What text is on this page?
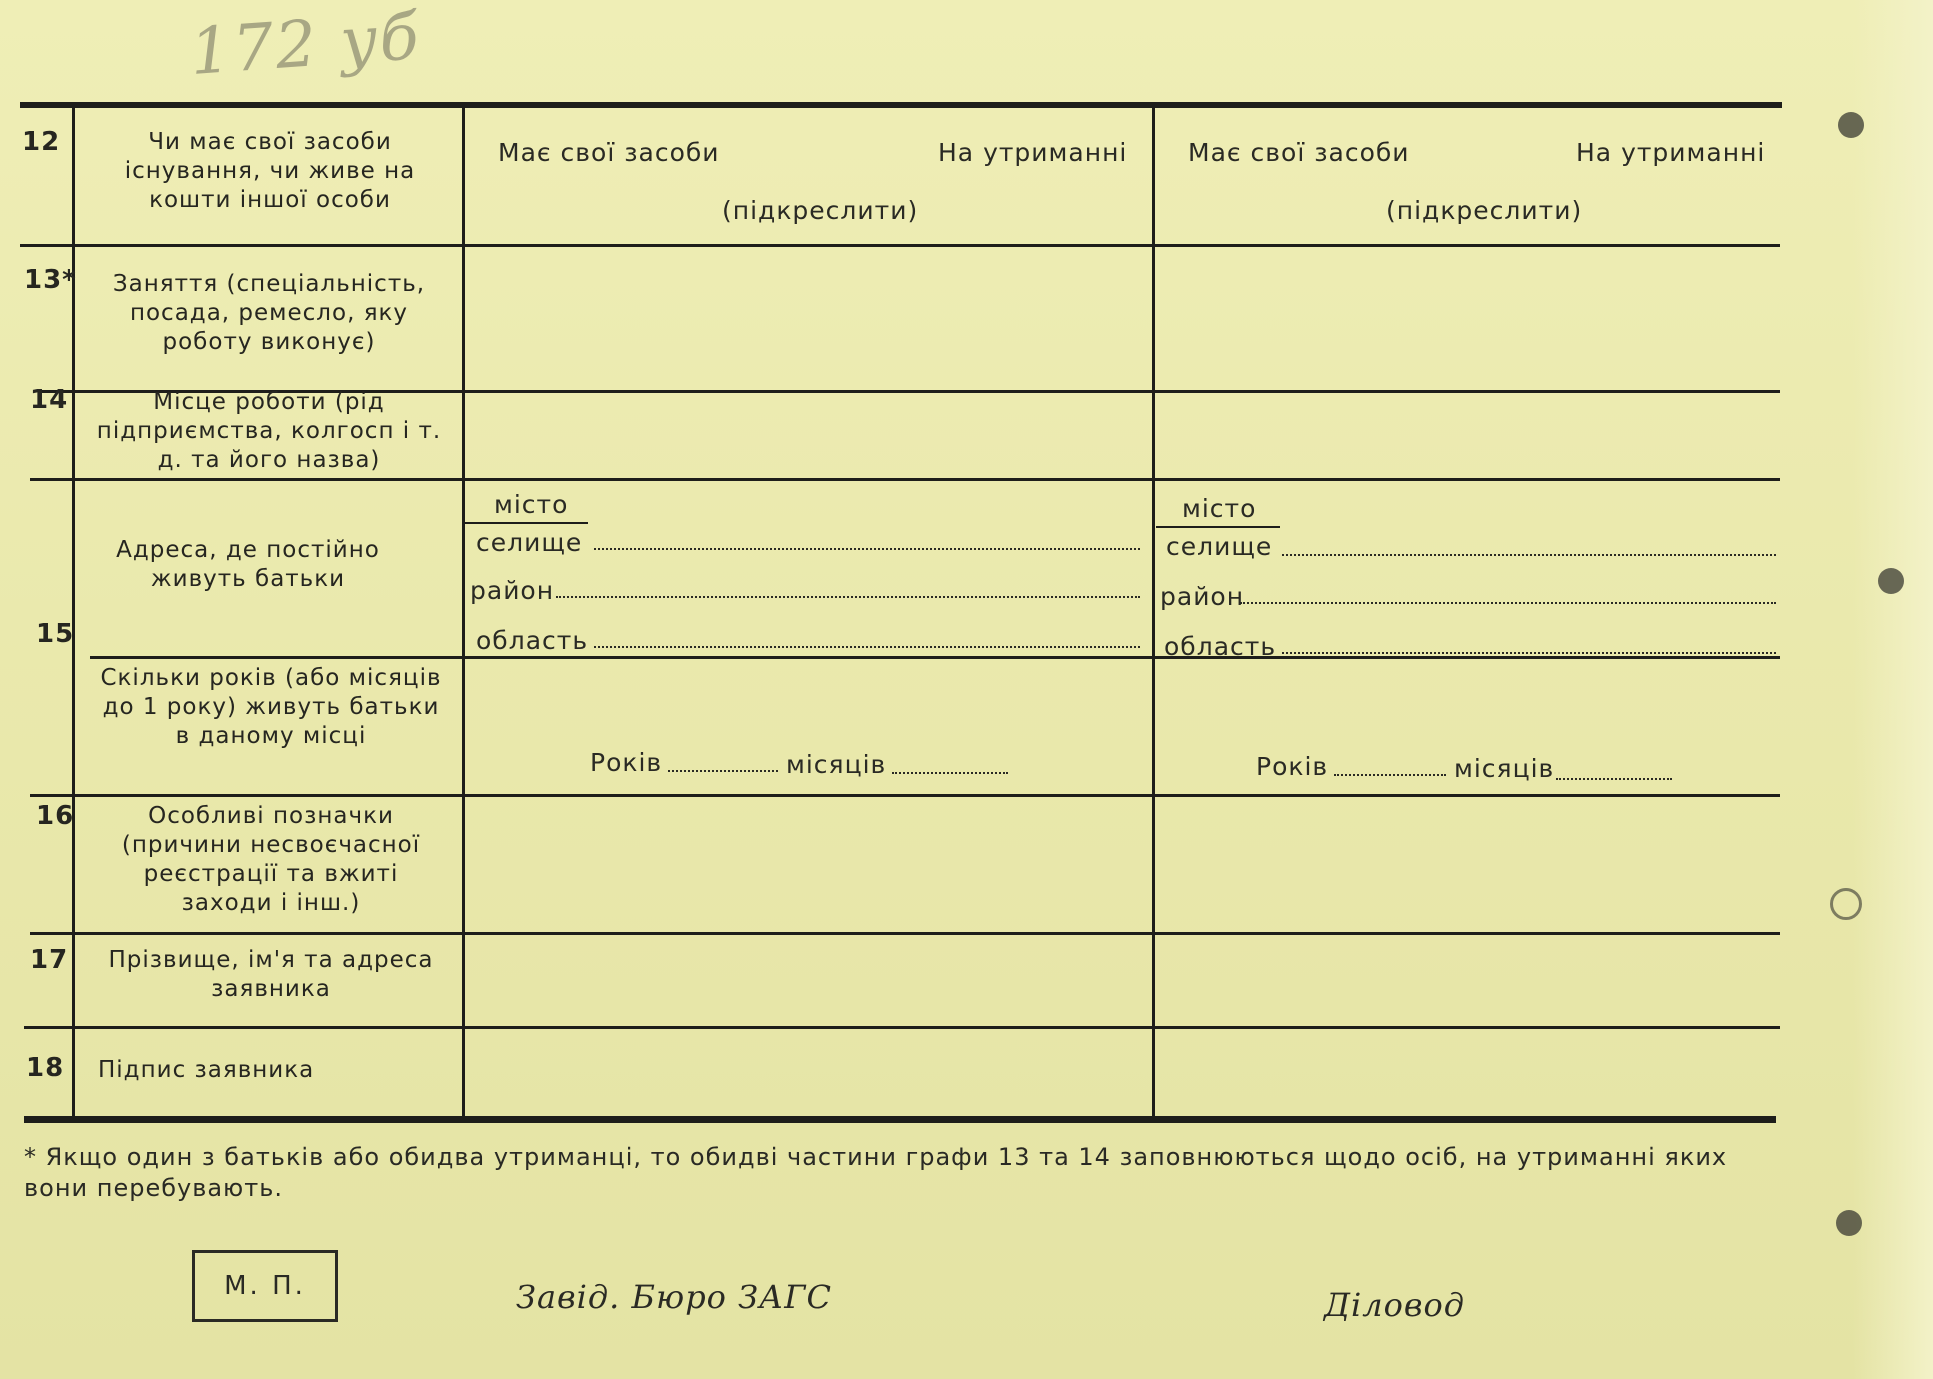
172 уб
12	Чи має свої засоби існування, чи живе на кошти іншої особи
Має свої засоби	На утриманні
(підкреслити)
Має свої засоби	На утриманні
(підкреслити)
13*	Заняття (спеціальність, посада, ремесло, яку роботу виконує)
14	Місце роботи (рід підприємства, колгосп і т. д. та його назва)
15
Адреса, де постійно живуть батьки
місто
селище
район
область
місто
селище
район
область
Скільки років (або місяців до 1 року) живуть батьки в даному місці
Років	місяців	Років	місяців
16	Особливі позначки (причини несвоєчасної реєстрації та вжиті заходи і інш.)
17	Прізвище, ім'я та адреса заявника
18 Підпис заявника
* Якщо один з батьків або обидва утриманці, то обидві частини графи 13 та 14 заповнюються щодо осіб, на утриманні яких вони перебувають.
М. П.	Завід. Бюро ЗАГС	Діловод
